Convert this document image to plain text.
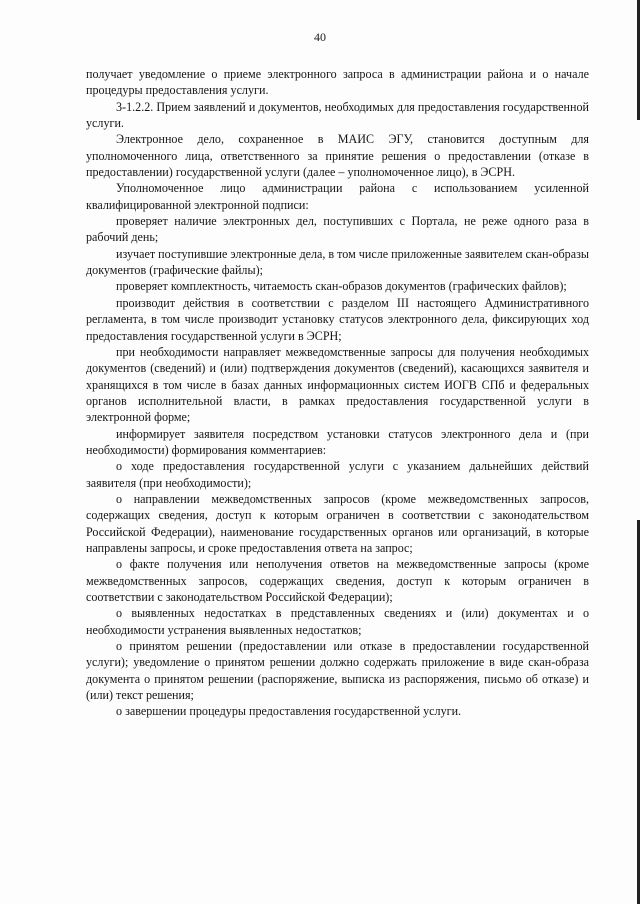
40

получает уведомление о приеме электронного запроса в администрации района и о начале процедуры предоставления услуги.

3-1.2.2. Прием заявлений и документов, необходимых для предоставления государственной услуги.

Электронное дело, сохраненное в МАИС ЭГУ, становится доступным для уполномоченного лица, ответственного за принятие решения о предоставлении (отказе в предоставлении) государственной услуги (далее – уполномоченное лицо), в ЭСРН.

Уполномоченное лицо администрации района с использованием усиленной квалифицированной электронной подписи:

проверяет наличие электронных дел, поступивших с Портала, не реже одного раза в рабочий день;

изучает поступившие электронные дела, в том числе приложенные заявителем скан-образы документов (графические файлы);

проверяет комплектность, читаемость скан-образов документов (графических файлов);

производит действия в соответствии с разделом III настоящего Административного регламента, в том числе производит установку статусов электронного дела, фиксирующих ход предоставления государственной услуги в ЭСРН;

при необходимости направляет межведомственные запросы для получения необходимых документов (сведений) и (или) подтверждения документов (сведений), касающихся заявителя и хранящихся в том числе в базах данных информационных систем ИОГВ СПб и федеральных органов исполнительной власти, в рамках предоставления государственной услуги в электронной форме;

информирует заявителя посредством установки статусов электронного дела и (при необходимости) формирования комментариев:

о ходе предоставления государственной услуги с указанием дальнейших действий заявителя (при необходимости);

о направлении межведомственных запросов (кроме межведомственных запросов, содержащих сведения, доступ к которым ограничен в соответствии с законодательством Российской Федерации), наименование государственных органов или организаций, в которые направлены запросы, и сроке предоставления ответа на запрос;

о факте получения или неполучения ответов на межведомственные запросы (кроме межведомственных запросов, содержащих сведения, доступ к которым ограничен в соответствии с законодательством Российской Федерации);

о выявленных недостатках в представленных сведениях и (или) документах и о необходимости устранения выявленных недостатков;

о принятом решении (предоставлении или отказе в предоставлении государственной услуги); уведомление о принятом решении должно содержать приложение в виде скан-образа документа о принятом решении (распоряжение, выписка из распоряжения, письмо об отказе) и (или) текст решения;

о завершении процедуры предоставления государственной услуги.
